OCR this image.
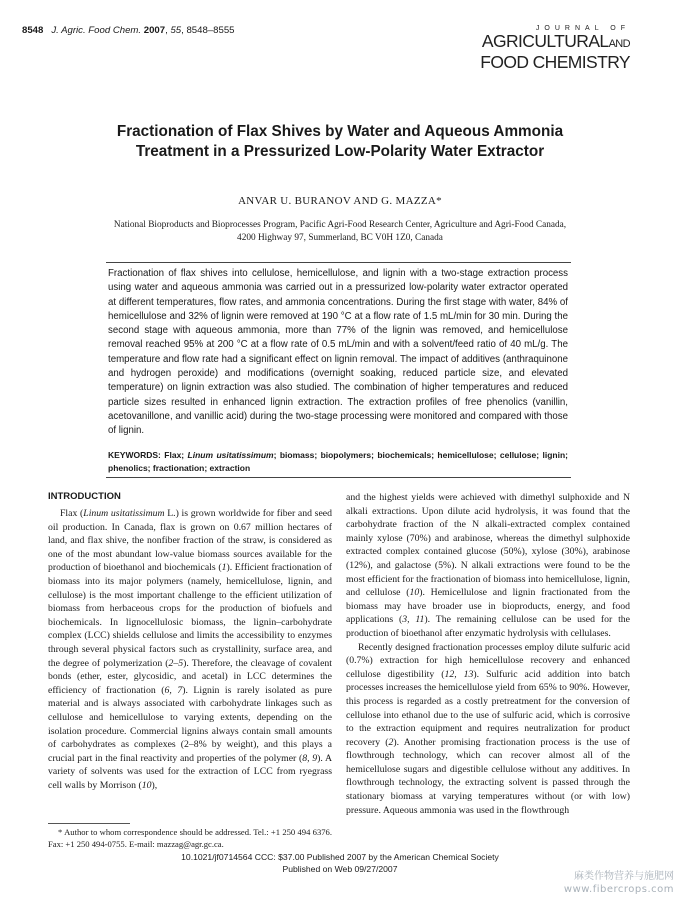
8548 J. Agric. Food Chem. 2007, 55, 8548–8555	JOURNAL OF
AGRICULTURALAND
FOOD CHEMISTRY
Fractionation of Flax Shives by Water and Aqueous Ammonia Treatment in a Pressurized Low-Polarity Water Extractor
ANVAR U. BURANOV AND G. MAZZA*
National Bioproducts and Bioprocesses Program, Pacific Agri-Food Research Center, Agriculture and Agri-Food Canada, 4200 Highway 97, Summerland, BC V0H 1Z0, Canada

Fractionation of flax shives into cellulose, hemicellulose, and lignin with a two-stage extraction process using water and aqueous ammonia was carried out in a pressurized low-polarity water extractor operated at different temperatures, flow rates, and ammonia concentrations. During the first stage with water, 84% of hemicellulose and 32% of lignin were removed at 190 °C at a flow rate of 1.5 mL/min for 30 min. During the second stage with aqueous ammonia, more than 77% of the lignin was removed, and hemicellulose removal reached 95% at 200 °C at a flow rate of 0.5 mL/min and with a solvent/feed ratio of 40 mL/g. The temperature and flow rate had a significant effect on lignin removal. The impact of additives (anthraquinone and hydrogen peroxide) and modifications (overnight soaking, reduced particle size, and elevated temperature) on lignin extraction was also studied. The combination of higher temperatures and reduced particle sizes resulted in enhanced lignin extraction. The extraction profiles of free phenolics (vanillin, acetovanillone, and vanillic acid) during the two-stage processing were monitored and compared with those of lignin.

KEYWORDS: Flax; Linum usitatissimum; biomass; biopolymers; biochemicals; hemicellulose; cellulose; lignin; phenolics; fractionation; extraction

INTRODUCTION

Flax (Linum usitatissimum L.) is grown worldwide for fiber and seed oil production. In Canada, flax is grown on 0.67 million hectares of land, and flax shive, the nonfiber fraction of the straw, is considered as one of the most abundant low-value biomass sources available for the production of bioethanol and biochemicals (1). Efficient fractionation of biomass into its major polymers (namely, hemicellulose, lignin, and cellulose) is the most important challenge to the efficient utilization of biomass from herbaceous crops for the production of biofuels and biochemicals. In lignocellulosic biomass, the lignin–carbohydrate complex (LCC) shields cellulose and limits the accessibility to enzymes through several physical factors such as crystallinity, surface area, and the degree of polymerization (2–5). Therefore, the cleavage of covalent bonds (ether, ester, glycosidic, and acetal) in LCC determines the efficiency of fractionation (6, 7). Lignin is rarely isolated as pure material and is always associated with carbohydrate linkages such as cellulose and hemicellulose to varying extents, depending on the isolation procedure. Commercial lignins always contain small amounts of carbohydrates as complexes (2–8% by weight), and this plays a crucial part in the final reactivity and properties of the polymer (8, 9). A variety of solvents was used for the extraction of LCC from ryegrass cell walls by Morrison (10),

* Author to whom correspondence should be addressed. Tel.: +1 250 494 6376. Fax: +1 250 494-0755. E-mail: mazzag@agr.gc.ca.

and the highest yields were achieved with dimethyl sulphoxide and N alkali extractions. Upon dilute acid hydrolysis, it was found that the carbohydrate fraction of the N alkali-extracted complex contained mainly xylose (70%) and arabinose, whereas the dimethyl sulphoxide extracted complex contained glucose (50%), xylose (30%), arabinose (12%), and galactose (5%). N alkali extractions were found to be the most efficient for the fractionation of biomass into hemicellulose, lignin, and cellulose (10). Hemicellulose and lignin fractionated from the biomass may have broader use in bioproducts, energy, and food applications (3, 11). The remaining cellulose can be used for the production of bioethanol after enzymatic hydrolysis with cellulases.

Recently designed fractionation processes employ dilute sulfuric acid (0.7%) extraction for high hemicellulose recovery and enhanced cellulose digestibility (12, 13). Sulfuric acid addition into batch processes increases the hemicellulose yield from 65% to 90%. However, this process is regarded as a costly pretreatment for the conversion of cellulose into ethanol due to the use of sulfuric acid, which is corrosive to the extraction equipment and requires neutralization for product recovery (2). Another promising fractionation process is the use of flowthrough technology, which can recover almost all of the hemicellulose sugars and digestible cellulose without any additives. In flowthrough technology, the extracting solvent is passed through the stationary biomass at varying temperatures without (or with low) pressure. Aqueous ammonia was used in the flowthrough

10.1021/jf0714564 CCC: $37.00 Published 2007 by the American Chemical Society
Published on Web 09/27/2007
麻类作物营养与施肥网
www.fibercrops.com
